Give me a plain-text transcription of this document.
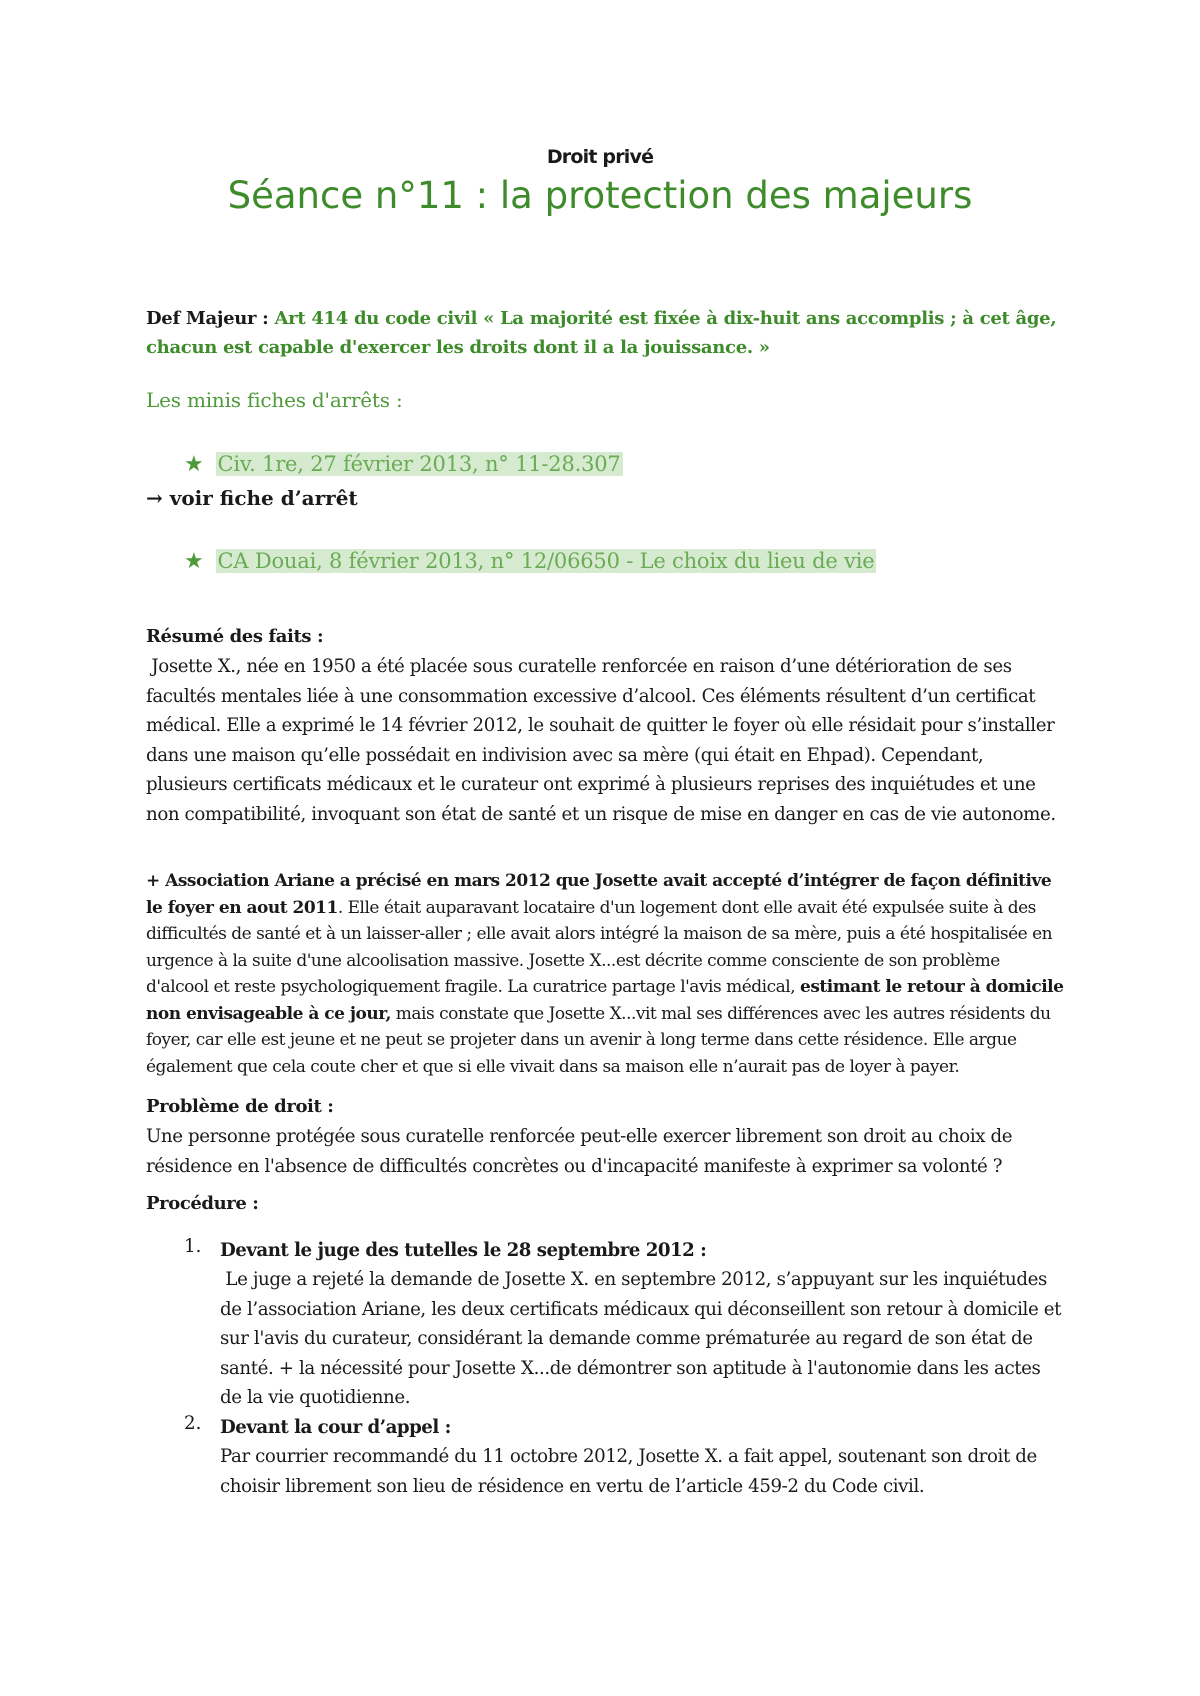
Droit privé
Séance n°11 : la protection des majeurs
Def Majeur : Art 414 du code civil « La majorité est fixée à dix-huit ans accomplis ; à cet âge, chacun est capable d'exercer les droits dont il a la jouissance. »
Les minis fiches d'arrêts :
★ Civ. 1re, 27 février 2013, n° 11-28.307
→ voir fiche d’arrêt
★ CA Douai, 8 février 2013, n° 12/06650 - Le choix du lieu de vie
Résumé des faits :
Josette X., née en 1950 a été placée sous curatelle renforcée en raison d’une détérioration de ses facultés mentales liée à une consommation excessive d’alcool. Ces éléments résultent d’un certificat médical. Elle a exprimé le 14 février 2012, le souhait de quitter le foyer où elle résidait pour s’installer dans une maison qu’elle possédait en indivision avec sa mère (qui était en Ehpad). Cependant, plusieurs certificats médicaux et le curateur ont exprimé à plusieurs reprises des inquiétudes et une non compatibilité, invoquant son état de santé et un risque de mise en danger en cas de vie autonome.
+ Association Ariane a précisé en mars 2012 que Josette avait accepté d’intégrer de façon définitive le foyer en aout 2011. Elle était auparavant locataire d'un logement dont elle avait été expulsée suite à des difficultés de santé et à un laisser-aller ; elle avait alors intégré la maison de sa mère, puis a été hospitalisée en urgence à la suite d'une alcoolisation massive. Josette X...est décrite comme consciente de son problème d'alcool et reste psychologiquement fragile. La curatrice partage l'avis médical, estimant le retour à domicile non envisageable à ce jour, mais constate que Josette X...vit mal ses différences avec les autres résidents du foyer, car elle est jeune et ne peut se projeter dans un avenir à long terme dans cette résidence. Elle argue également que cela coute cher et que si elle vivait dans sa maison elle n’aurait pas de loyer à payer.
Problème de droit :
Une personne protégée sous curatelle renforcée peut-elle exercer librement son droit au choix de résidence en l'absence de difficultés concrètes ou d'incapacité manifeste à exprimer sa volonté ?
Procédure :
1. Devant le juge des tutelles le 28 septembre 2012 :
Le juge a rejeté la demande de Josette X. en septembre 2012, s’appuyant sur les inquiétudes de l’association Ariane, les deux certificats médicaux qui déconseillent son retour à domicile et sur l'avis du curateur, considérant la demande comme prématurée au regard de son état de santé. + la nécessité pour Josette X...de démontrer son aptitude à l'autonomie dans les actes de la vie quotidienne.
2. Devant la cour d’appel :
Par courrier recommandé du 11 octobre 2012, Josette X. a fait appel, soutenant son droit de choisir librement son lieu de résidence en vertu de l’article 459-2 du Code civil.
